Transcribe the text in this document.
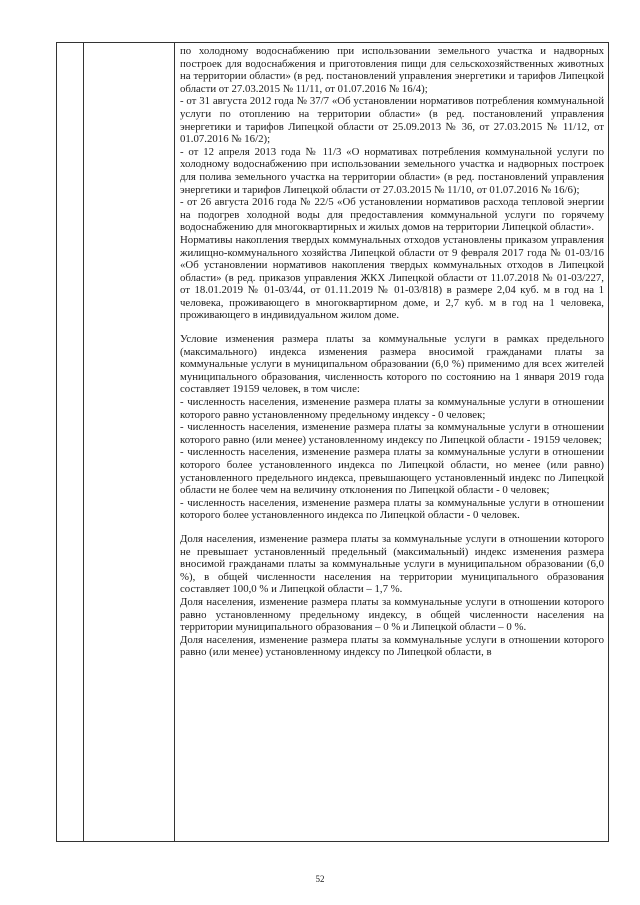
по холодному водоснабжению при использовании земельного участка и надворных построек для водоснабжения и приготовления пищи для сельскохозяйственных животных на территории области» (в ред. постановлений управления энергетики и тарифов Липецкой области от 27.03.2015 № 11/11, от 01.07.2016 № 16/4);

- от 31 августа 2012 года № 37/7 «Об установлении нормативов потребления коммунальной услуги по отоплению на территории области» (в ред. постановлений управления энергетики и тарифов Липецкой области от 25.09.2013 № 36, от 27.03.2015 № 11/12, от 01.07.2016 № 16/2);

- от 12 апреля 2013 года № 11/3 «О нормативах потребления коммунальной услуги по холодному водоснабжению при использовании земельного участка и надворных построек для полива земельного участка на территории области» (в ред. постановлений управления энергетики и тарифов Липецкой области от 27.03.2015 № 11/10, от 01.07.2016 № 16/6);

- от 26 августа 2016 года № 22/5 «Об установлении нормативов расхода тепловой энергии на подогрев холодной воды для предоставления коммунальной услуги по горячему водоснабжению для многоквартирных и жилых домов на территории Липецкой области».

Нормативы накопления твердых коммунальных отходов установлены приказом управления жилищно-коммунального хозяйства Липецкой области от 9 февраля 2017 года № 01-03/16 «Об установлении нормативов накопления твердых коммунальных отходов в Липецкой области» (в ред. приказов управления ЖКХ Липецкой области от 11.07.2018 № 01-03/227, от 18.01.2019 № 01-03/44, от 01.11.2019 № 01-03/818) в размере 2,04 куб. м в год на 1 человека, проживающего в многоквартирном доме, и 2,7 куб. м в год на 1 человека, проживающего в индивидуальном жилом доме.

Условие изменения размера платы за коммунальные услуги в рамках предельного (максимального) индекса изменения размера вносимой гражданами платы за коммунальные услуги в муниципальном образовании (6,0 %) применимо для всех жителей муниципального образования, численность которого по состоянию на 1 января 2019 года составляет 19159 человек, в том числе:

- численность населения, изменение размера платы за коммунальные услуги в отношении которого равно установленному предельному индексу - 0 человек;

- численность населения, изменение размера платы за коммунальные услуги в отношении которого равно (или менее) установленному индексу по Липецкой области - 19159 человек;

- численность населения, изменение размера платы за коммунальные услуги в отношении которого более установленного индекса по Липецкой области, но менее (или равно) установленного предельного индекса, превышающего установленный индекс по Липецкой области не более чем на величину отклонения по Липецкой области - 0 человек;

- численность населения, изменение размера платы за коммунальные услуги в отношении которого более установленного индекса по Липецкой области - 0 человек.

Доля населения, изменение размера платы за коммунальные услуги в отношении которого не превышает установленный предельный (максимальный) индекс изменения размера вносимой гражданами платы за коммунальные услуги в муниципальном образовании (6,0 %), в общей численности населения на территории муниципального образования составляет 100,0 % и Липецкой области – 1,7 %.

Доля населения, изменение размера платы за коммунальные услуги в отношении которого равно установленному предельному индексу, в общей численности населения на территории муниципального образования – 0 % и Липецкой области – 0 %.

Доля населения, изменение размера платы за коммунальные услуги в отношении которого равно (или менее) установленному индексу по Липецкой области, в

52
